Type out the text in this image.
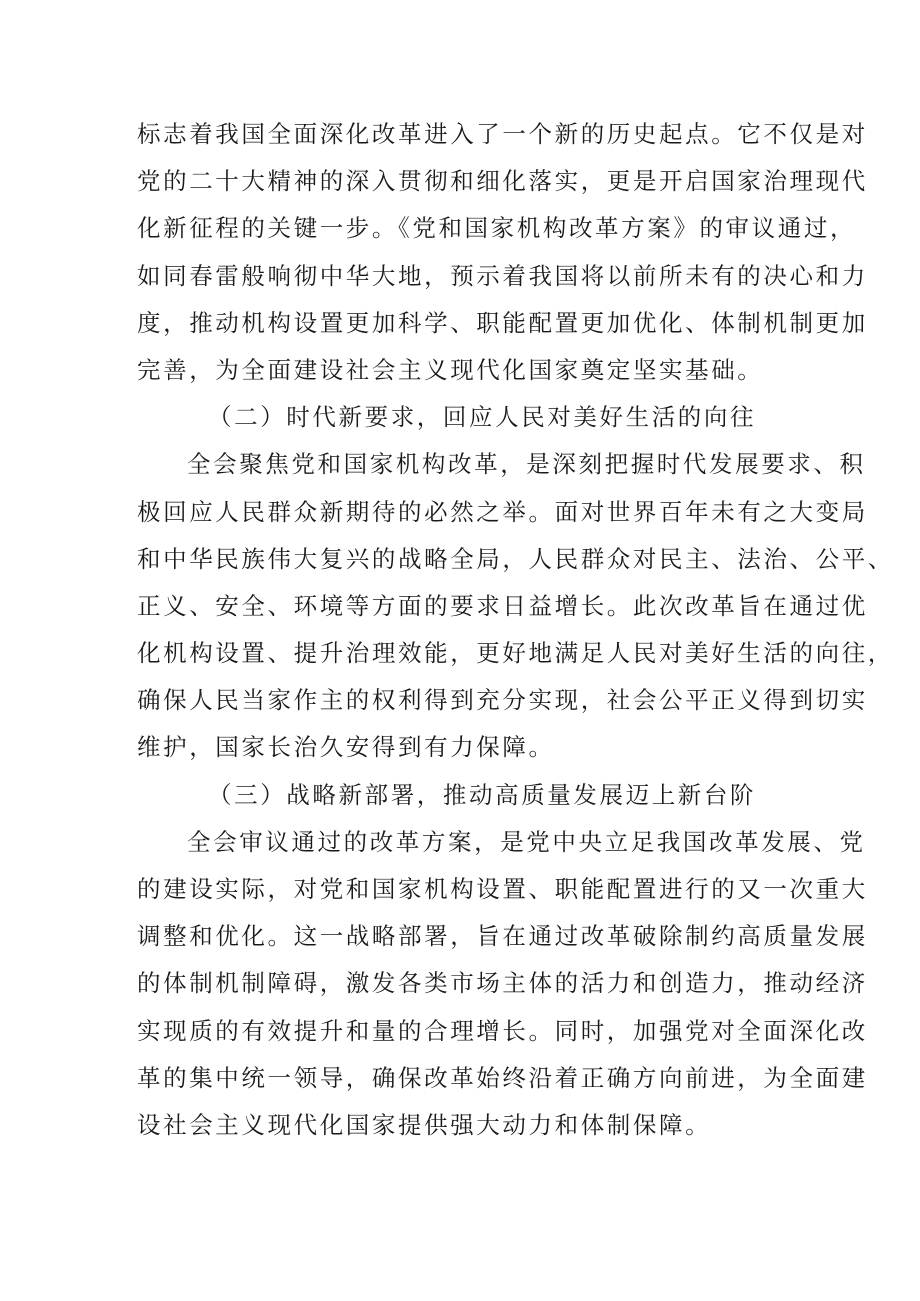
标志着我国全面深化改革进入了一个新的历史起点。它不仅是对
党的二十大精神的深入贯彻和细化落实，更是开启国家治理现代
化新征程的关键一步。《党和国家机构改革方案》的审议通过，
如同春雷般响彻中华大地，预示着我国将以前所未有的决心和力
度，推动机构设置更加科学、职能配置更加优化、体制机制更加
完善，为全面建设社会主义现代化国家奠定坚实基础。
（二）时代新要求，回应人民对美好生活的向往
全会聚焦党和国家机构改革，是深刻把握时代发展要求、积
极回应人民群众新期待的必然之举。面对世界百年未有之大变局
和中华民族伟大复兴的战略全局，人民群众对民主、法治、公平、
正义、安全、环境等方面的要求日益增长。此次改革旨在通过优
化机构设置、提升治理效能，更好地满足人民对美好生活的向往，
确保人民当家作主的权利得到充分实现，社会公平正义得到切实
维护，国家长治久安得到有力保障。
（三）战略新部署，推动高质量发展迈上新台阶
全会审议通过的改革方案，是党中央立足我国改革发展、党
的建设实际，对党和国家机构设置、职能配置进行的又一次重大
调整和优化。这一战略部署，旨在通过改革破除制约高质量发展
的体制机制障碍，激发各类市场主体的活力和创造力，推动经济
实现质的有效提升和量的合理增长。同时，加强党对全面深化改
革的集中统一领导，确保改革始终沿着正确方向前进，为全面建
设社会主义现代化国家提供强大动力和体制保障。
